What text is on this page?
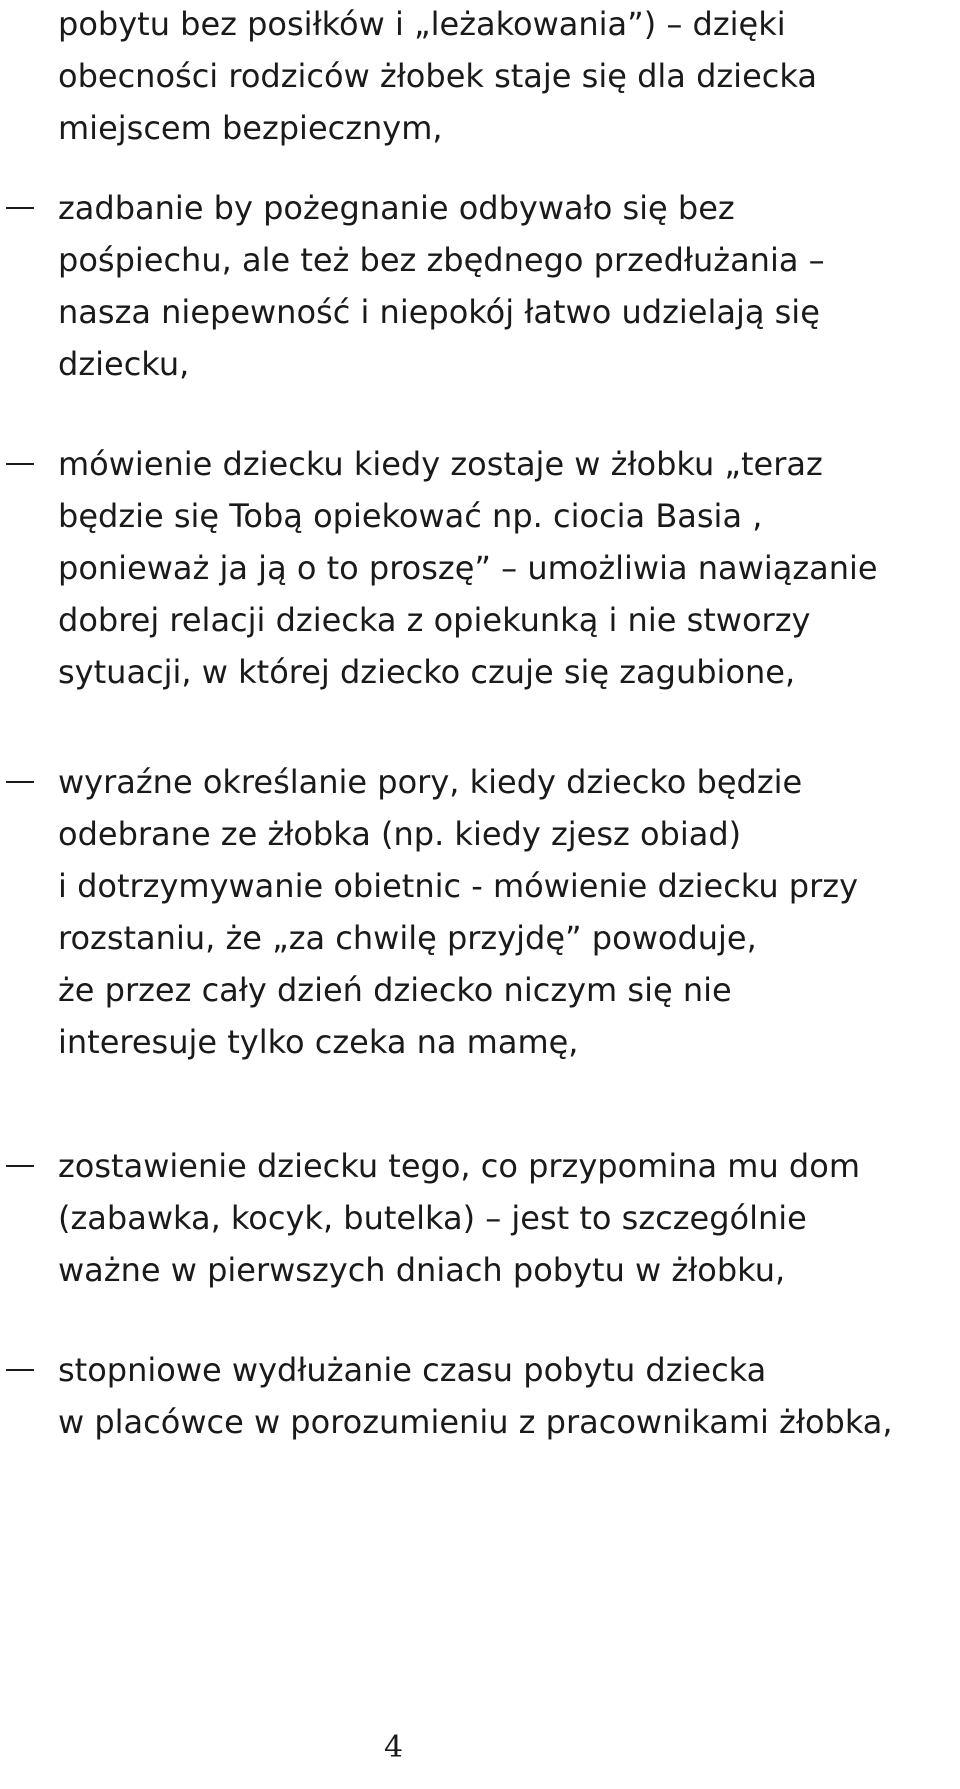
pobytu bez posiłków i „leżakowania”) – dzięki
obecności rodziców żłobek staje się dla dziecka
miejscem bezpiecznym,
zadbanie by pożegnanie odbywało się bez
pośpiechu, ale też bez zbędnego przedłużania –
nasza niepewność i niepokój łatwo udzielają się
dziecku,
mówienie dziecku kiedy zostaje w żłobku „teraz
będzie się Tobą opiekować np. ciocia Basia ,
ponieważ ja ją o to proszę” – umożliwia nawiązanie
dobrej relacji dziecka z opiekunką i nie stworzy
sytuacji, w której dziecko czuje się zagubione,
wyraźne określanie pory, kiedy dziecko będzie
odebrane ze żłobka (np. kiedy zjesz obiad)
i dotrzymywanie obietnic - mówienie dziecku przy
rozstaniu, że „za chwilę przyjdę” powoduje,
że przez cały dzień dziecko niczym się nie
interesuje tylko czeka na mamę,
zostawienie dziecku tego, co przypomina mu dom
(zabawka, kocyk, butelka) – jest to szczególnie
ważne w pierwszych dniach pobytu w żłobku,
stopniowe wydłużanie czasu pobytu dziecka
w placówce w porozumieniu z pracownikami żłobka,
4
